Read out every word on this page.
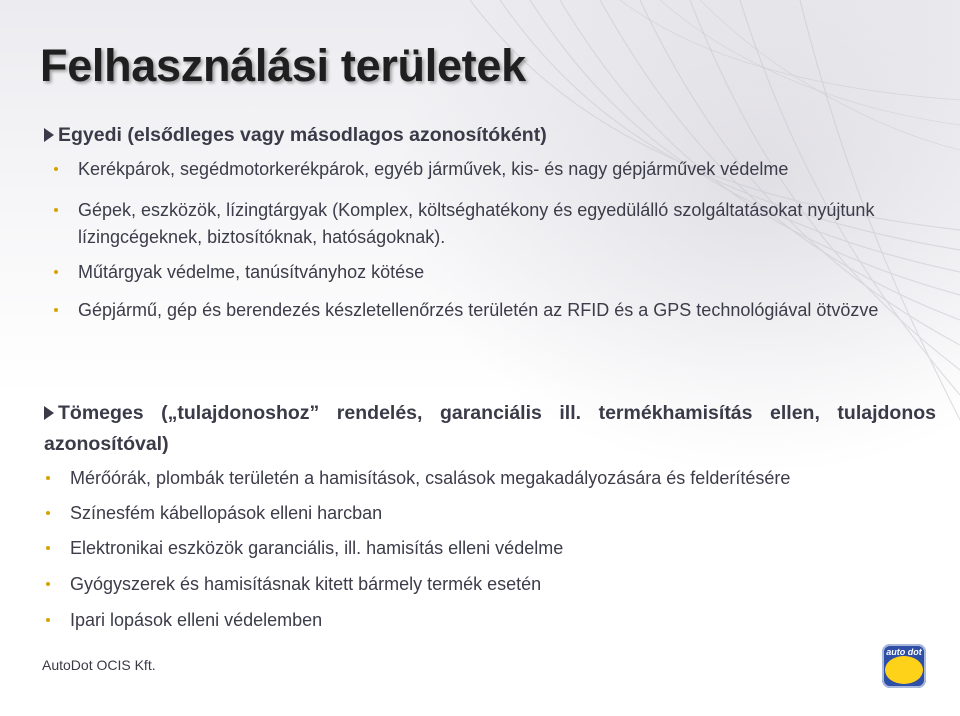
Felhasználási területek
Egyedi (elsődleges vagy másodlagos azonosítóként)
Kerékpárok, segédmotorkerékpárok, egyéb járművek, kis- és nagy gépjárművek védelme
Gépek, eszközök, lízingtárgyak (Komplex, költséghatékony és egyedülálló szolgáltatásokat nyújtunk lízingcégeknek, biztosítóknak, hatóságoknak).
Műtárgyak védelme, tanúsítványhoz kötése
Gépjármű, gép és berendezés készletellenőrzés területén az RFID és a GPS technológiával ötvözve
Tömeges („tulajdonoshoz” rendelés, garanciális ill. termékhamisítás ellen, tulajdonos azonosítóval)
Mérőórák, plombák területén a hamisítások, csalások megakadályozására és felderítésére
Színesfém kábellopások elleni harcban
Elektronikai eszközök garanciális, ill. hamisítás elleni védelme
Gyógyszerek és hamisításnak kitett bármely termék esetén
Ipari lopások elleni védelemben
AutoDot OCIS Kft.
auto dot
